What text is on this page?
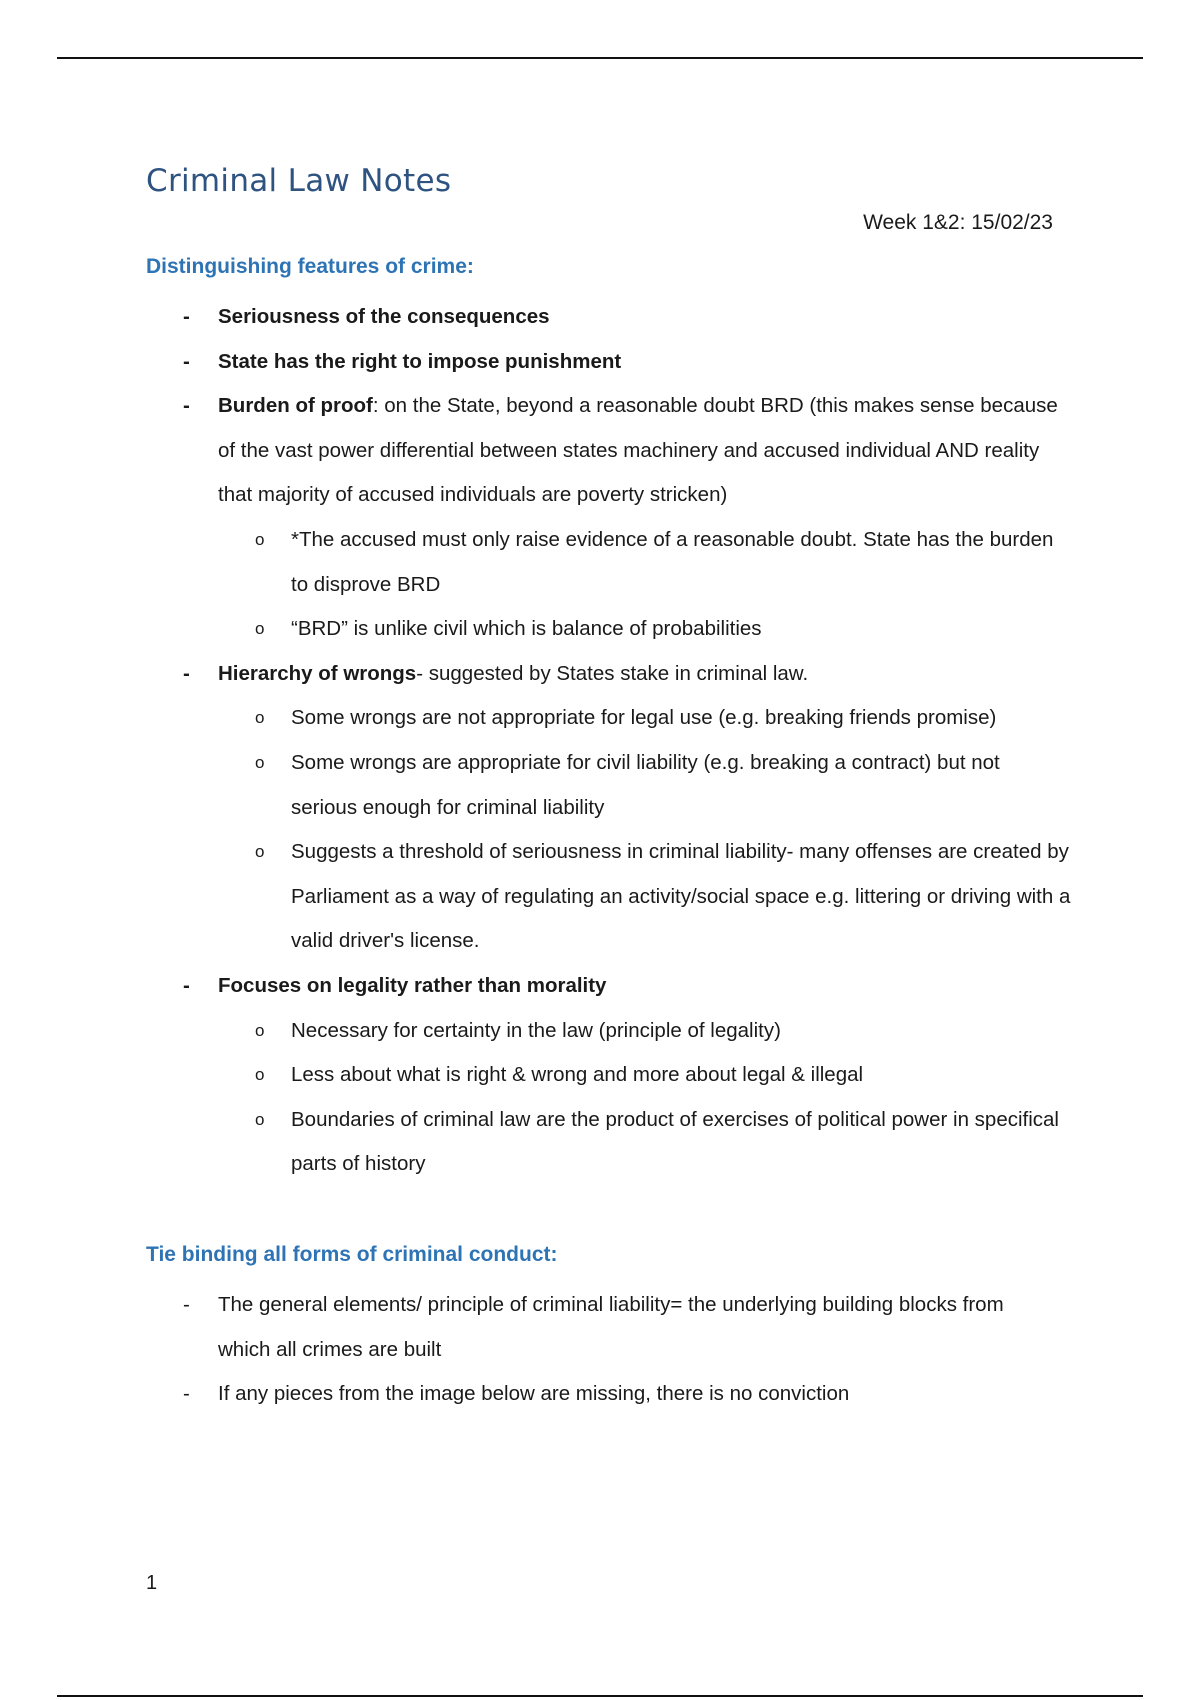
Criminal Law Notes

Week 1&2: 15/02/23

Distinguishing features of crime:
- Seriousness of the consequences
- State has the right to impose punishment
- Burden of proof: on the State, beyond a reasonable doubt BRD (this makes sense because of the vast power differential between states machinery and accused individual AND reality that majority of accused individuals are poverty stricken)
o *The accused must only raise evidence of a reasonable doubt. State has the burden to disprove BRD
o “BRD” is unlike civil which is balance of probabilities
- Hierarchy of wrongs- suggested by States stake in criminal law.
o Some wrongs are not appropriate for legal use (e.g. breaking friends promise)
o Some wrongs are appropriate for civil liability (e.g. breaking a contract) but not serious enough for criminal liability
o Suggests a threshold of seriousness in criminal liability- many offenses are created by Parliament as a way of regulating an activity/social space e.g. littering or driving with a valid driver's license.
- Focuses on legality rather than morality
o Necessary for certainty in the law (principle of legality)
o Less about what is right & wrong and more about legal & illegal
o Boundaries of criminal law are the product of exercises of political power in specifical parts of history
Tie binding all forms of criminal conduct:
- The general elements/ principle of criminal liability= the underlying building blocks from which all crimes are built
- If any pieces from the image below are missing, there is no conviction

1
